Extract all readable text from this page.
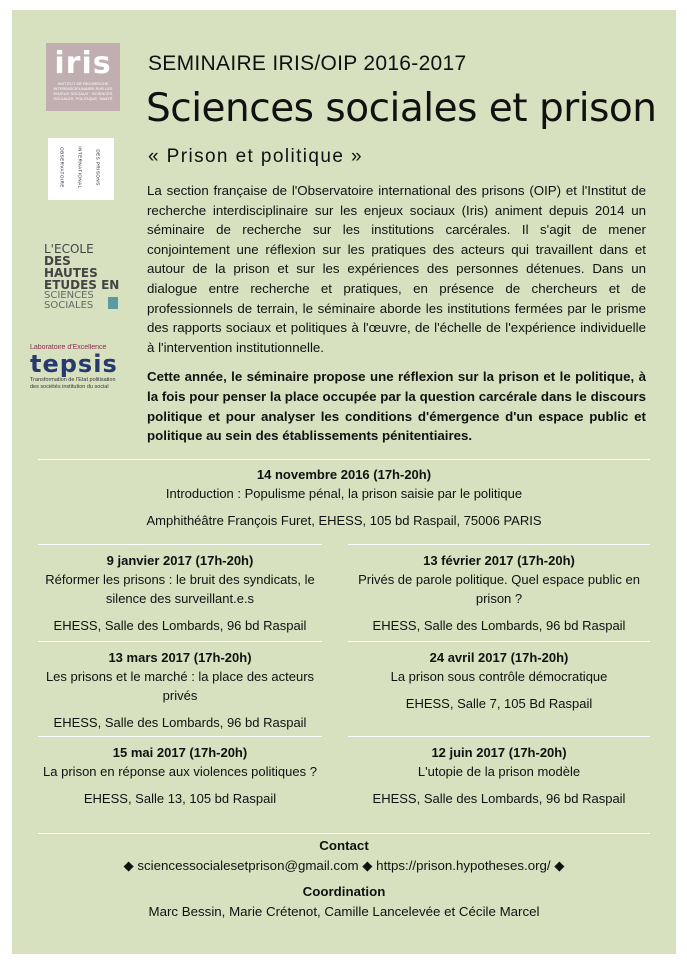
iris
INSTITUT DE RECHERCHE INTERDISCIPLINAIRE SUR LES ENJEUX SOCIAUX · SCIENCES SOCIALES, POLITIQUE, SANTÉ
OBSERVATOIRE	INTERNATIONAL	DES PRISONS
L'ECOLE
DES HAUTES
ETUDES EN
SCIENCES
SOCIALES
Laboratoire d'Excellence
tepsis
Transformation de l'Etat politisation des sociétés institution du social
SEMINAIRE IRIS/OIP 2016-2017
Sciences sociales et prison
« Prison et politique »

La section française de l'Observatoire international des prisons (OIP) et l'Institut de recherche interdisciplinaire sur les enjeux sociaux (Iris) animent depuis 2014 un séminaire de recherche sur les institutions carcérales. Il s'agit de mener conjointement une réflexion sur les pratiques des acteurs qui travaillent dans et autour de la prison et sur les expériences des personnes détenues. Dans un dialogue entre recherche et pratiques, en présence de chercheurs et de professionnels de terrain, le séminaire aborde les institutions fermées par le prisme des rapports sociaux et politiques à l'œuvre, de l'échelle de l'expérience individuelle à l'intervention institutionnelle.

Cette année, le séminaire propose une réflexion sur la prison et le politique, à la fois pour penser la place occupée par la question carcérale dans le discours politique et pour analyser les conditions d'émergence d'un espace public et politique au sein des établissements pénitentiaires.

14 novembre 2016 (17h-20h)
Introduction : Populisme pénal, la prison saisie par le politique
Amphithéâtre François Furet, EHESS, 105 bd Raspail, 75006 PARIS
9 janvier 2017 (17h-20h)
Réformer les prisons : le bruit des syndicats, le silence des surveillant.e.s
EHESS, Salle des Lombards, 96 bd Raspail
13 février 2017 (17h-20h)
Privés de parole politique. Quel espace public en prison ?
EHESS, Salle des Lombards, 96 bd Raspail
13 mars 2017 (17h-20h)
Les prisons et le marché : la place des acteurs privés
EHESS, Salle des Lombards, 96 bd Raspail
24 avril 2017 (17h-20h)
La prison sous contrôle démocratique
EHESS, Salle 7, 105 Bd Raspail
15 mai 2017 (17h-20h)
La prison en réponse aux violences politiques ?
EHESS, Salle 13, 105 bd Raspail
12 juin 2017 (17h-20h)
L'utopie de la prison modèle
EHESS, Salle des Lombards, 96 bd Raspail
Contact
◆ sciencessocialesetprison@gmail.com ◆ https://prison.hypotheses.org/ ◆
Coordination
Marc Bessin, Marie Crétenot, Camille Lancelevée et Cécile Marcel
